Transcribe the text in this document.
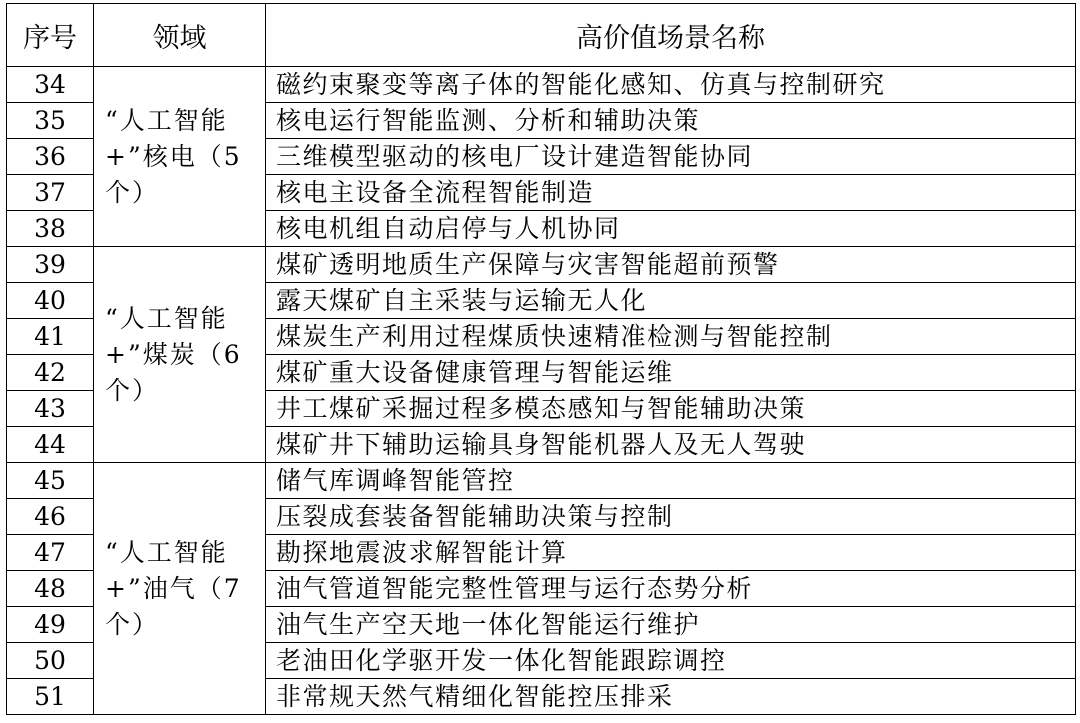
序号	领域	高价值场景名称
34	“人工智能+”核电（5个）	磁约束聚变等离子体的智能化感知、仿真与控制研究
35		核电运行智能监测、分析和辅助决策
36		三维模型驱动的核电厂设计建造智能协同
37		核电主设备全流程智能制造
38		核电机组自动启停与人机协同
39	“人工智能+”煤炭（6个）	煤矿透明地质生产保障与灾害智能超前预警
40		露天煤矿自主采装与运输无人化
41		煤炭生产利用过程煤质快速精准检测与智能控制
42		煤矿重大设备健康管理与智能运维
43		井工煤矿采掘过程多模态感知与智能辅助决策
44		煤矿井下辅助运输具身智能机器人及无人驾驶
45	“人工智能+”油气（7个）	储气库调峰智能管控
46		压裂成套装备智能辅助决策与控制
47		勘探地震波求解智能计算
48		油气管道智能完整性管理与运行态势分析
49		油气生产空天地一体化智能运行维护
50		老油田化学驱开发一体化智能跟踪调控
51		非常规天然气精细化智能控压排采
